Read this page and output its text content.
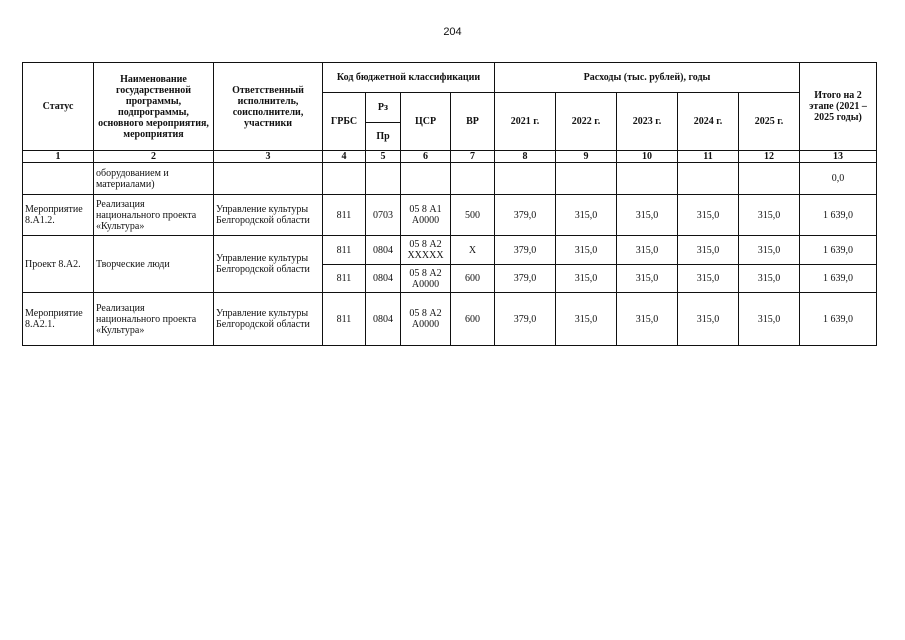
204
Статус	Наименование государственной программы, подпрограммы, основного мероприятия, мероприятия	Ответственный исполнитель, соисполнители, участники	Код бюджетной классификации				Расходы (тыс. рублей), годы					Итого на 2 этапе (2021 – 2025 годы)
			ГРБС	Рз	ЦСР	ВР	2021 г.	2022 г.	2023 г.	2024 г.	2025 г.	
				Пр								
1	2	3	4	5	6	7	8	9	10	11	12	13
	оборудованием и материалами)											0,0
Мероприятие 8.А1.2.	Реализация национального проекта «Культура»	Управление культуры Белгородской области	811	0703	05 8 А1 А0000	500	379,0	315,0	315,0	315,0	315,0	1 639,0
Проект 8.А2.	Творческие люди	Управление культуры Белгородской области	811	0804	05 8 А2 XXXXX	X	379,0	315,0	315,0	315,0	315,0	1 639,0
			811	0804	05 8 А2 А0000	600	379,0	315,0	315,0	315,0	315,0	1 639,0
Мероприятие 8.А2.1.	Реализация национального проекта «Культура»	Управление культуры Белгородской области	811	0804	05 8 А2 А0000	600	379,0	315,0	315,0	315,0	315,0	1 639,0
